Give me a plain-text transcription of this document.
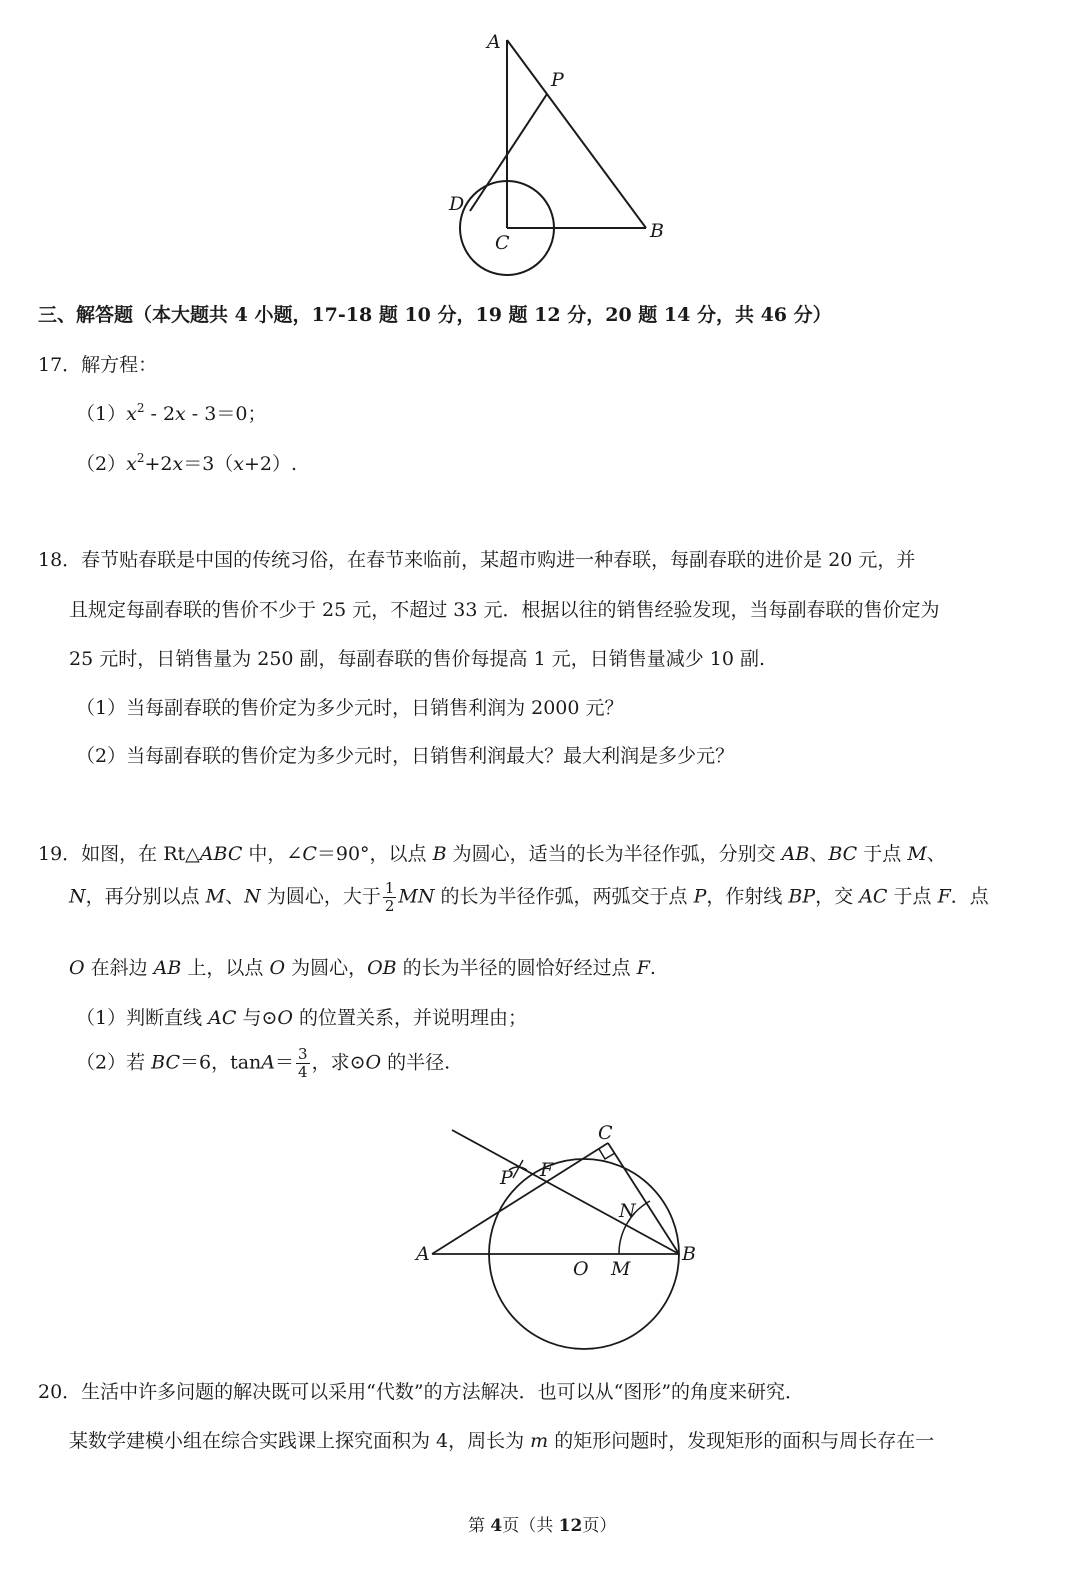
A
P
D
C
B
三、解答题（本大题共 4 小题，17-18 题 10 分，19 题 12 分，20 题 14 分，共 46 分）
17．解方程：
$(1)x^2 - 2x - 3=0$；
$(2)x^2+2x=3(x+2)$.
18．春节贴春联是中国的传统习俗，在春节来临前，某超市购进一种春联，每副春联的进价是 20 元，并
且规定每副春联的售价不少于 25 元，不超过 33 元．根据以往的销售经验发现，当每副春联的售价定为
25 元时，日销售量为 250 副，每副春联的售价每提高 1 元，日销售量减少 10 副.
（1）当每副春联的售价定为多少元时，日销售利润为 2000 元？
（2）当每副春联的售价定为多少元时，日销售利润最大？最大利润是多少元？
19．如图，在 Rt△ABC 中，∠C＝90°，以点 B 为圆心，适当的长为半径作弧，分别交 AB、BC 于点 M、
N，再分别以点 M、N 为圆心，大于 $\frac{1}{2}$ MN 的长为半径作弧，两弧交于点 P，作射线 BP，交 AC 于点 F．点
O 在斜边 AB 上，以点 O 为圆心，OB 的长为半径的圆恰好经过点 F.
（1）判断直线 AC 与⊙O 的位置关系，并说明理由；
（2）若 BC＝6，$\tan A= \frac{3}{4}$ ，求⊙O 的半径.
C
P F
N
A
O M
B
20．生活中许多问题的解决既可以采用“代数”的方法解决．也可以从“图形”的角度来研究．
某数学建模小组在综合实践课上探究面积为 4，周长为 m 的矩形问题时，发现矩形的面积与周长存在一
第 4页（共 12页）
